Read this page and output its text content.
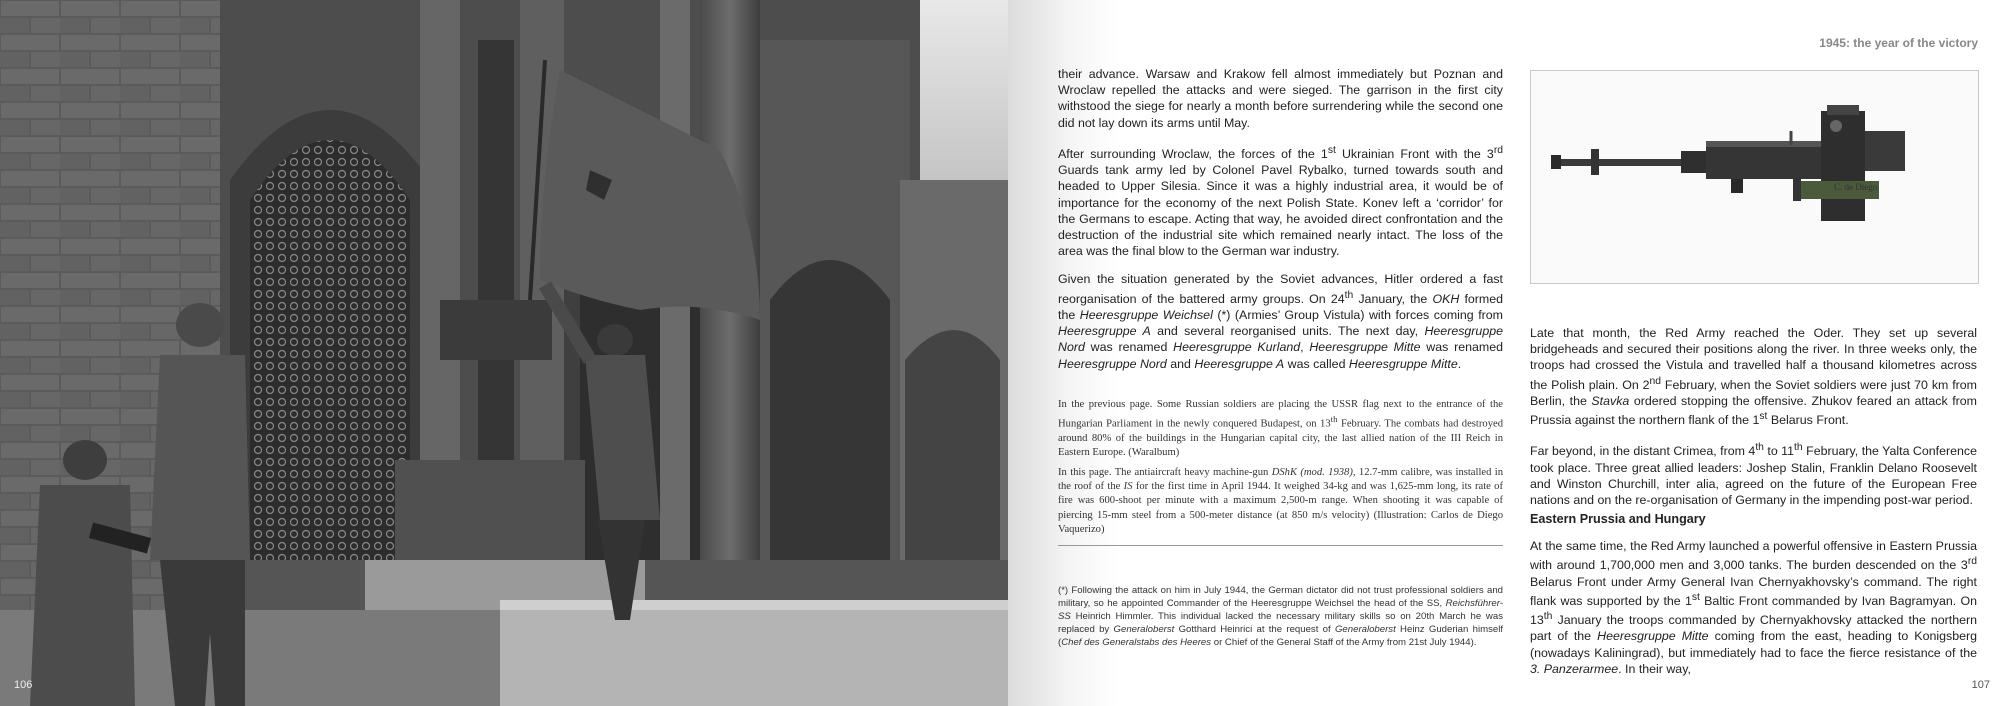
106
1945: the year of the victory

their advance. Warsaw and Krakow fell almost immediately but Poznan and Wroclaw repelled the attacks and were sieged. The garrison in the first city withstood the siege for nearly a month before surrendering while the second one did not lay down its arms until May.

After surrounding Wroclaw, the forces of the 1st Ukrainian Front with the 3rd Guards tank army led by Colonel Pavel Rybalko, turned towards south and headed to Upper Silesia. Since it was a highly industrial area, it would be of importance for the economy of the next Polish State. Konev left a ‘corridor’ for the Germans to escape. Acting that way, he avoided direct confrontation and the destruction of the industrial site which remained nearly intact. The loss of the area was the final blow to the German war industry.

Given the situation generated by the Soviet advances, Hitler ordered a fast reorganisation of the battered army groups. On 24th January, the OKH formed the Heeresgruppe Weichsel (*) (Armies’ Group Vistula) with forces coming from Heeresgruppe A and several reorganised units. The next day, Heeresgruppe Nord was renamed Heeresgruppe Kurland, Heeresgruppe Mitte was renamed Heeresgruppe Nord and Heeresgruppe A was called Heeresgruppe Mitte.

In the previous page. Some Russian soldiers are placing the USSR flag next to the entrance of the Hungarian Parliament in the newly conquered Budapest, on 13th February. The combats had destroyed around 80% of the buildings in the Hungarian capital city, the last allied nation of the III Reich in Eastern Europe. (Waralbum)

In this page. The antiaircraft heavy machine-gun DShK (mod. 1938), 12.7-mm calibre, was installed in the roof of the IS for the first time in April 1944. It weighed 34-kg and was 1,625-mm long, its rate of fire was 600-shoot per minute with a maximum 2,500-m range. When shooting it was capable of piercing 15-mm steel from a 500-meter distance (at 850 m/s velocity) (Illustration: Carlos de Diego Vaquerizo)

(*) Following the attack on him in July 1944, the German dictator did not trust professional soldiers and military, so he appointed Commander of the Heeresgruppe Weichsel the head of the SS, Reichsführer-SS Heinrich Himmler. This individual lacked the necessary military skills so on 20th March he was replaced by Generaloberst Gotthard Heinrici at the request of Generaloberst Heinz Guderian himself (Chef des Generalstabs des Heeres or Chief of the General Staff of the Army from 21st July 1944).

C. de Diego

Late that month, the Red Army reached the Oder. They set up several bridgeheads and secured their positions along the river. In three weeks only, the troops had crossed the Vistula and travelled half a thousand kilometres across the Polish plain. On 2nd February, when the Soviet soldiers were just 70 km from Berlin, the Stavka ordered stopping the offensive. Zhukov feared an attack from Prussia against the northern flank of the 1st Belarus Front.

Far beyond, in the distant Crimea, from 4th to 11th February, the Yalta Conference took place. Three great allied leaders: Joshep Stalin, Franklin Delano Roosevelt and Winston Churchill, inter alia, agreed on the future of the European Free nations and on the re-organisation of Germany in the impending post-war period.

Eastern Prussia and Hungary

At the same time, the Red Army launched a powerful offensive in Eastern Prussia with around 1,700,000 men and 3,000 tanks. The burden descended on the 3rd Belarus Front under Army General Ivan Chernyakhovsky’s command. The right flank was supported by the 1st Baltic Front commanded by Ivan Bagramyan. On 13th January the troops commanded by Chernyakhovsky attacked the northern part of the Heeresgruppe Mitte coming from the east, heading to Konigsberg (nowadays Kaliningrad), but immediately had to face the fierce resistance of the 3. Panzerarmee. In their way,

107
